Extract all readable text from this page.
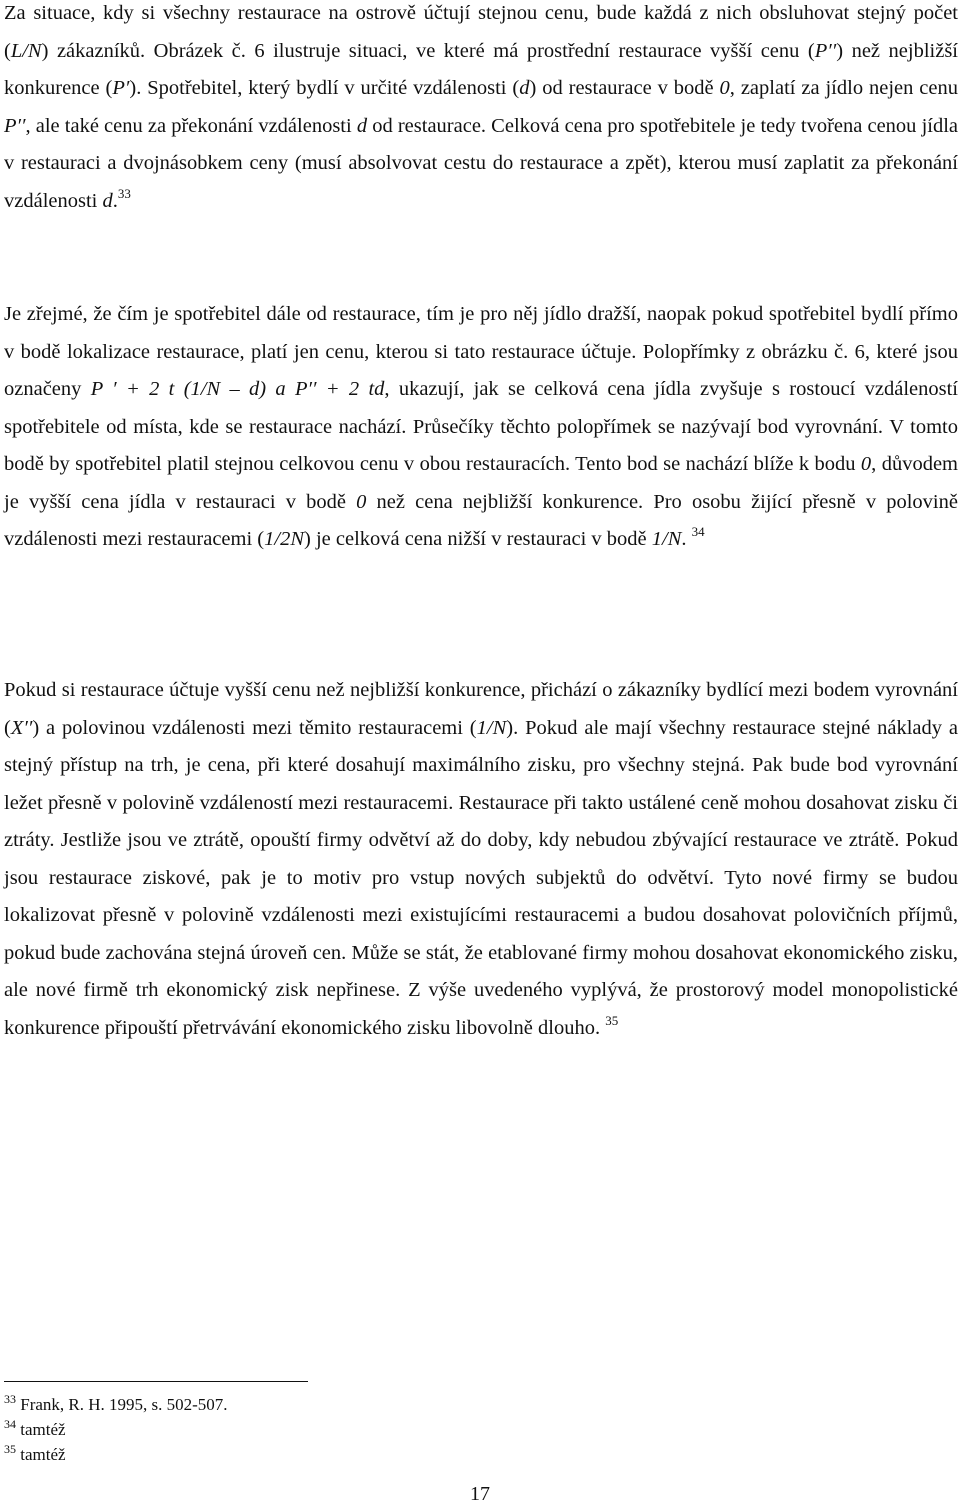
Za situace, kdy si všechny restaurace na ostrově účtují stejnou cenu, bude každá z nich obsluhovat stejný počet (L/N) zákazníků. Obrázek č. 6 ilustruje situaci, ve které má prostřední restaurace vyšší cenu (P′′) než nejbližší konkurence (P′). Spotřebitel, který bydlí v určité vzdálenosti (d) od restaurace v bodě 0, zaplatí za jídlo nejen cenu P′′, ale také cenu za překonání vzdálenosti d od restaurace. Celková cena pro spotřebitele je tedy tvořena cenou jídla v restauraci a dvojnásobkem ceny (musí absolvovat cestu do restaurace a zpět), kterou musí zaplatit za překonání vzdálenosti d.$^{33}$

Je zřejmé, že čím je spotřebitel dále od restaurace, tím je pro něj jídlo dražší, naopak pokud spotřebitel bydlí přímo v bodě lokalizace restaurace, platí jen cenu, kterou si tato restaurace účtuje. Polopřímky z obrázku č. 6, které jsou označeny P ′ + 2 t (1/N – d) a P′′ + 2 td, ukazují, jak se celková cena jídla zvyšuje s rostoucí vzdáleností spotřebitele od místa, kde se restaurace nachází. Průsečíky těchto polopřímek se nazývají bod vyrovnání. V tomto bodě by spotřebitel platil stejnou celkovou cenu v obou restauracích. Tento bod se nachází blíže k bodu 0, důvodem je vyšší cena jídla v restauraci v bodě 0 než cena nejbližší konkurence. Pro osobu žijící přesně v polovině vzdálenosti mezi restauracemi (1/2N) je celková cena nižší v restauraci v bodě 1/N. $^{34}$

Pokud si restaurace účtuje vyšší cenu než nejbližší konkurence, přichází o zákazníky bydlící mezi bodem vyrovnání (X′′) a polovinou vzdálenosti mezi těmito restauracemi (1/N). Pokud ale mají všechny restaurace stejné náklady a stejný přístup na trh, je cena, při které dosahují maximálního zisku, pro všechny stejná. Pak bude bod vyrovnání ležet přesně v polovině vzdáleností mezi restauracemi. Restaurace při takto ustálené ceně mohou dosahovat zisku či ztráty. Jestliže jsou ve ztrátě, opouští firmy odvětví až do doby, kdy nebudou zbývající restaurace ve ztrátě. Pokud jsou restaurace ziskové, pak je to motiv pro vstup nových subjektů do odvětví. Tyto nové firmy se budou lokalizovat přesně v polovině vzdálenosti mezi existujícími restauracemi a budou dosahovat polovičních příjmů, pokud bude zachována stejná úroveň cen. Může se stát, že etablované firmy mohou dosahovat ekonomického zisku, ale nové firmě trh ekonomický zisk nepřinese. Z výše uvedeného vyplývá, že prostorový model monopolistické konkurence připouští přetrvávání ekonomického zisku libovolně dlouho. $^{35}$

$^{33}$ Frank, R. H. 1995, s. 502-507.

$^{34}$ tamtéž

$^{35}$ tamtéž

17
